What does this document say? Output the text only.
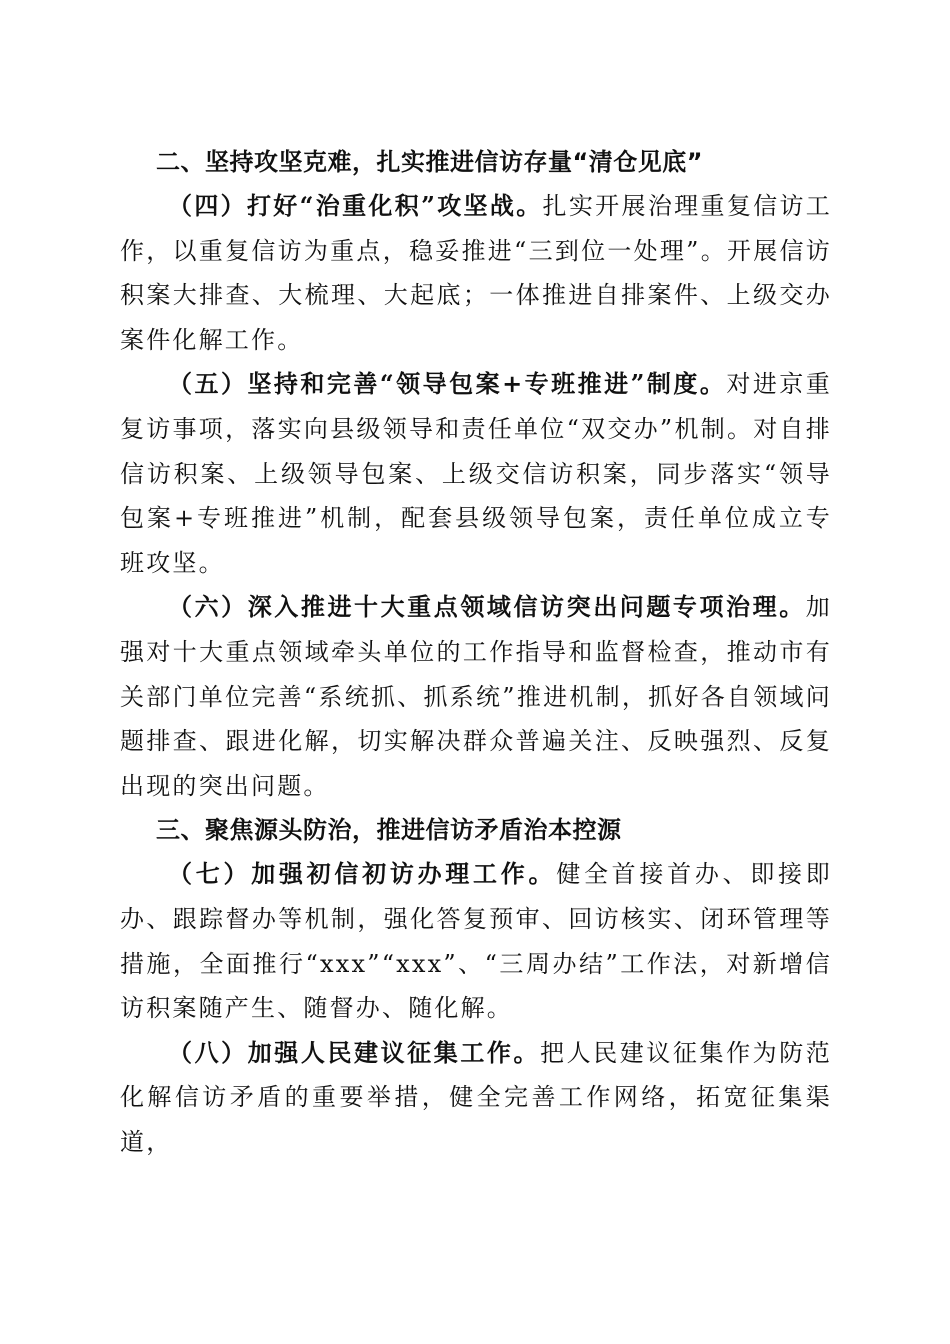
二、坚持攻坚克难，扎实推进信访存量“清仓见底”

（四）打好“治重化积”攻坚战。扎实开展治理重复信访工作，以重复信访为重点，稳妥推进“三到位一处理”。开展信访积案大排查、大梳理、大起底；一体推进自排案件、上级交办案件化解工作。

（五）坚持和完善“领导包案+专班推进”制度。对进京重复访事项，落实向县级领导和责任单位“双交办”机制。对自排信访积案、上级领导包案、上级交信访积案，同步落实“领导包案+专班推进”机制，配套县级领导包案，责任单位成立专班攻坚。

（六）深入推进十大重点领域信访突出问题专项治理。加强对十大重点领域牵头单位的工作指导和监督检查，推动市有关部门单位完善“系统抓、抓系统”推进机制，抓好各自领域问题排查、跟进化解，切实解决群众普遍关注、反映强烈、反复出现的突出问题。

三、聚焦源头防治，推进信访矛盾治本控源

（七）加强初信初访办理工作。健全首接首办、即接即办、跟踪督办等机制，强化答复预审、回访核实、闭环管理等措施，全面推行“xxx”“xxx”、“三周办结”工作法，对新增信访积案随产生、随督办、随化解。

（八）加强人民建议征集工作。把人民建议征集作为防范化解信访矛盾的重要举措，健全完善工作网络，拓宽征集渠道，
